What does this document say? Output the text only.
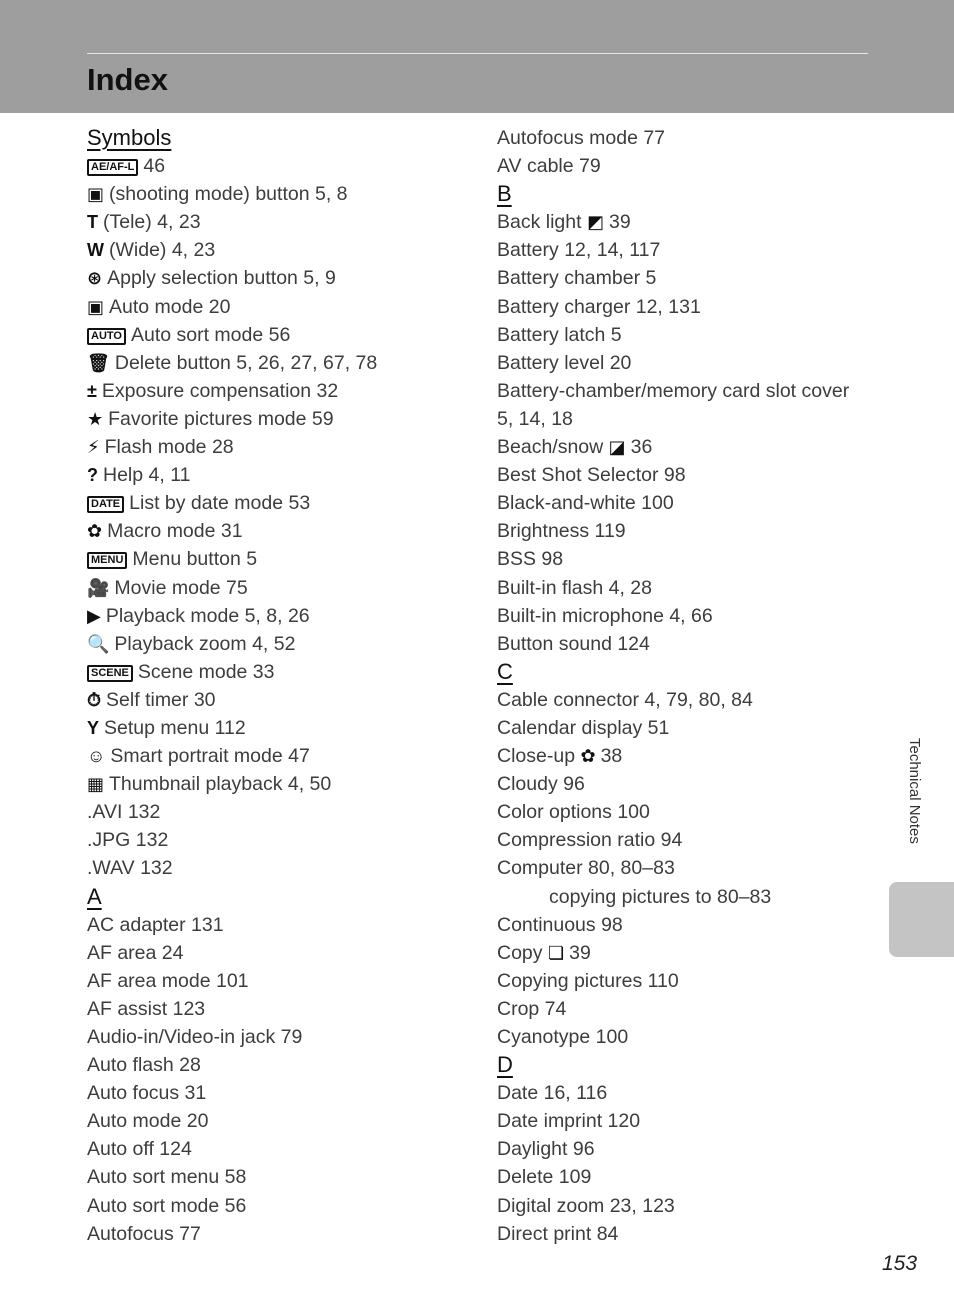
Index
Symbols
AE/AF-L 46
▣ (shooting mode) button 5, 8
T (Tele) 4, 23
W (Wide) 4, 23
⊛ Apply selection button 5, 9
▣ Auto mode 20
AUTO Auto sort mode 56
🗑 Delete button 5, 26, 27, 67, 78
± Exposure compensation 32
★ Favorite pictures mode 59
⚡ Flash mode 28
? Help 4, 11
DATE List by date mode 53
✿ Macro mode 31
MENU Menu button 5
🎥 Movie mode 75
▶ Playback mode 5, 8, 26
🔍 Playback zoom 4, 52
SCENE Scene mode 33
⏱ Self timer 30
Y Setup menu 112
☺ Smart portrait mode 47
▦ Thumbnail playback 4, 50
.AVI 132
.JPG 132
.WAV 132
A
AC adapter 131
AF area 24
AF area mode 101
AF assist 123
Audio-in/Video-in jack 79
Auto flash 28
Auto focus 31
Auto mode 20
Auto off 124
Auto sort menu 58
Auto sort mode 56
Autofocus 77
Autofocus mode 77
AV cable 79
B
Back light ◩ 39
Battery 12, 14, 117
Battery chamber 5
Battery charger 12, 131
Battery latch 5
Battery level 20
Battery-chamber/memory card slot cover
5, 14, 18
Beach/snow ◪ 36
Best Shot Selector 98
Black-and-white 100
Brightness 119
BSS 98
Built-in flash 4, 28
Built-in microphone 4, 66
Button sound 124
C
Cable connector 4, 79, 80, 84
Calendar display 51
Close-up ✿ 38
Cloudy 96
Color options 100
Compression ratio 94
Computer 80, 80–83
copying pictures to 80–83
Continuous 98
Copy ❏ 39
Copying pictures 110
Crop 74
Cyanotype 100
D
Date 16, 116
Date imprint 120
Daylight 96
Delete 109
Digital zoom 23, 123
Direct print 84
Technical Notes
153
